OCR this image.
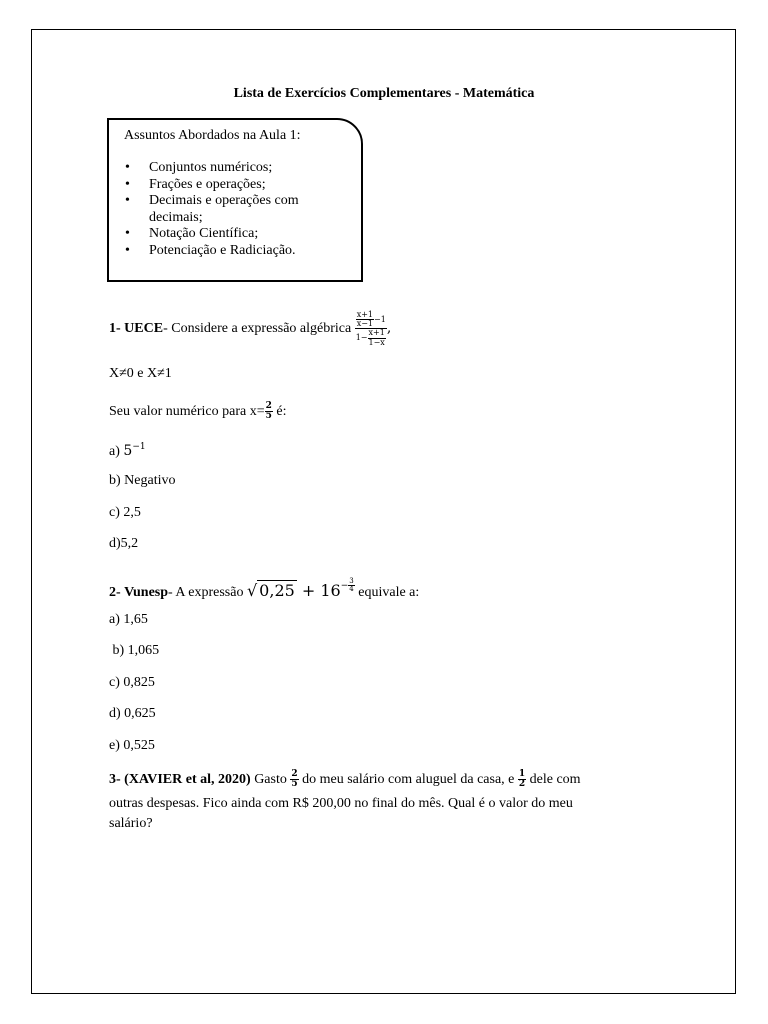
Lista de Exercícios Complementares - Matemática
Assuntos Abordados na Aula 1:
• Conjuntos numéricos;
• Frações e operações;
• Decimais e operações com decimais;
• Notação Científica;
• Potenciação e Radiciação.
1- UECE- Considere a expressão algébrica $\frac{\frac{x+1}{x-1} -1}{1- \frac{x+1}{1-x}}$ ,
X≠0 e X≠1
Seu valor numérico para $x= \frac{2}{5}$ é:
a) $5^{-1}$
b) Negativo
c) 2,5
d)5,2
2- Vunesp- A expressão √ $0,25 + 16- \frac{3}{4}$ equivale a:
a) 1,65
b) 1,065
c) 0,825
d) 0,625
e) 0,525
3- (XAVIER et al, 2020) Gasto $\frac{2}{5}$ do meu salário com aluguel da casa, e $\frac{1}{2}$ dele com
outras despesas. Fico ainda com R$ 200,00 no final do mês. Qual é o valor do meu
salário?
